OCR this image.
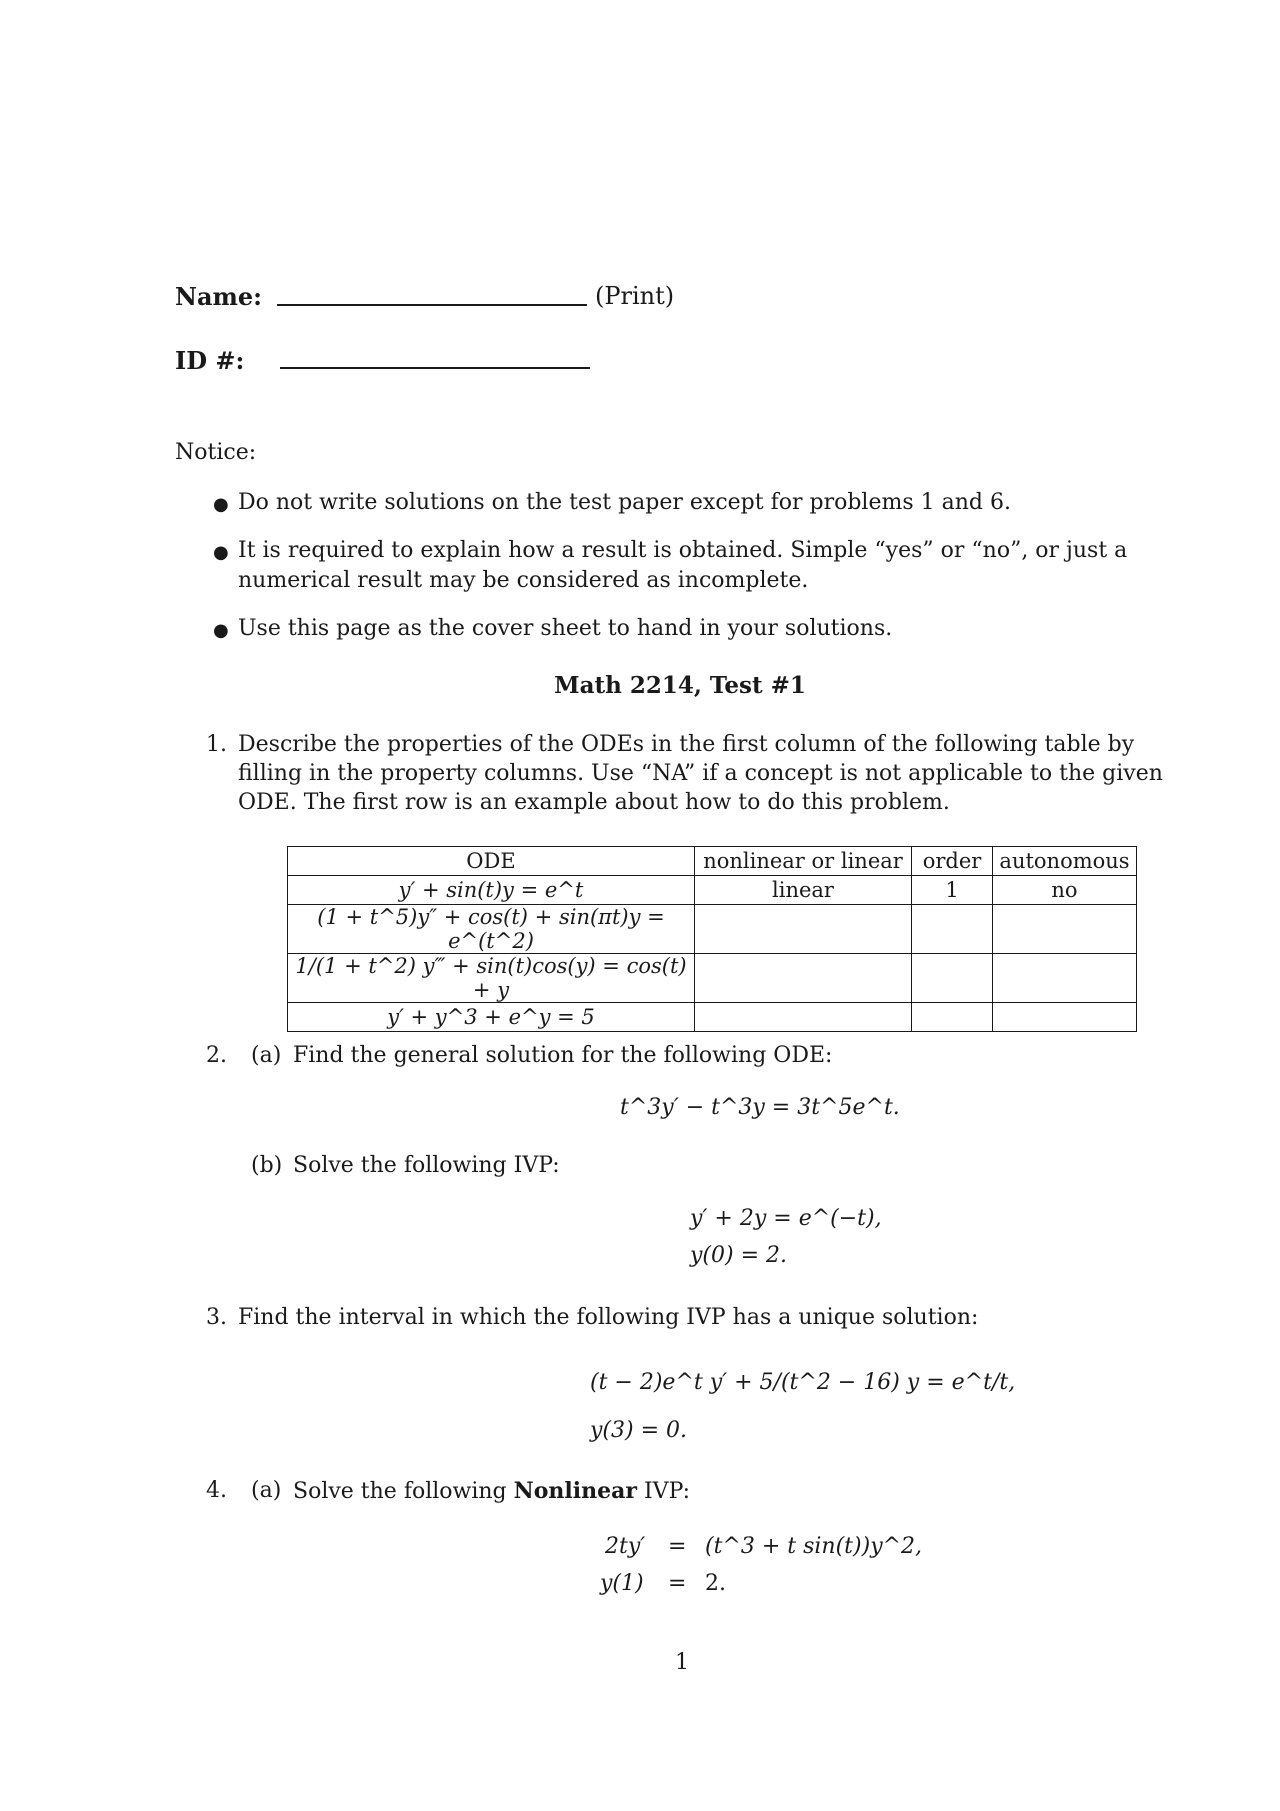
Name:	(Print)
ID #:
Notice:
● Do not write solutions on the test paper except for problems 1 and 6.

● It is required to explain how a result is obtained. Simple “yes” or “no”, or just a numerical result may be considered as incomplete.

● Use this page as the cover sheet to hand in your solutions.

Math 2214, Test #1
1. Describe the properties of the ODEs in the first column of the following table by filling in the property columns. Use “NA” if a concept is not applicable to the given ODE. The first row is an example about how to do this problem.

ODE	nonlinear or linear	order	autonomous
y′ + sin(t)y = e^t	linear	1	no
(1 + t^5)y″ + cos(t) + sin(πt)y = e^(t^2)			
1/(1 + t^2) y‴ + sin(t)cos(y) = cos(t) + y			
y′ + y^3 + e^y = 5			
2. (a) Find the general solution for the following ODE:
t^3y′ − t^3y = 3t^5e^t.
(b) Solve the following IVP:
y′ + 2y = e^(−t),
y(0) = 2.
3. Find the interval in which the following IVP has a unique solution:
(t − 2)e^t y′ + 5/(t^2 − 16) y = e^t/t,
y(3) = 0.
4. (a) Solve the following Nonlinear IVP:
2ty′ = (t^3 + t sin(t))y^2,
y(1) = 2.
1
